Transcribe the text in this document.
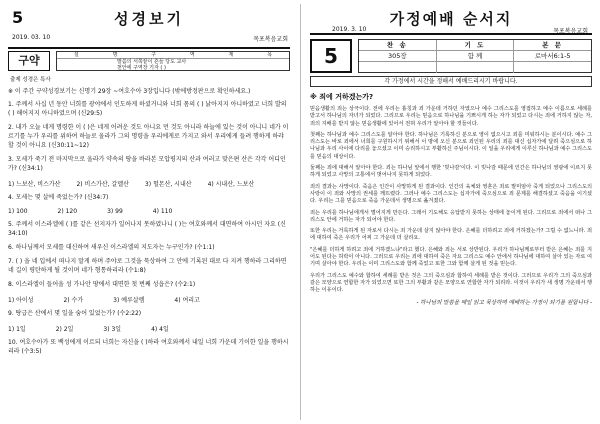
5	성경보기
2019. 03. 10	목포복음교회
구약	설	명	구	역	제	목
말씀의 서쪽끝이 흔들 당도 교사
천안에 구역장 기자 ( )
출제 성경은 특사
※ 이 주간 구약성경보기는 신명기 29장 ~여호수아 3장입니다 (밖에방정판으로 확인하세요.)
1. 주께서 사십 년 동안 너희를 광야에서 인도하게 하셨거니와 너희 몸의 ( ) 낡아지지 아니하였고 너희 발의 ( ) 해어지지 아니하였으며 (신29:5)
2. 내가 오늘 네게 명령한 이 ( )은 네게 어려운 것도 아니요 먼 것도 아니라 하늘에 있는 것이 아니니 네가 이르기를 누가 우리를 위하여 하늘로 올라가 그의 명령을 우리에게로 가지고 와서 우리에게 들려 행하게 하랴 할 것이 아니요 (신30:11~12)
3. 모세가 죽기 전 마지막으로 올라가 약속의 땅을 바라본 모압평지의 산과 여러고 맞은편 산은 각각 어디인가? (신34:1)
1) 느보산, 비스가산	2) 비스가산, 갈멜산	3) 헐몬산, 시내산	4) 시내산, 느보산
4. 모세는 몇 살에 죽었는가? (신34:7)
1) 100	2) 120	3) 99	4) 110
5. 주께서 이스라엘에 ( )를 같은 선지자가 일어나지 못하였나니 ( )는 여호와께서 대면하여 아시던 자요 (신34:10)
6. 하나님께서 모세를 대신하여 새우신 이스라엘의 지도자는 누구인가? (수1:1)
7. ( ) 을 네 입에서 떠나지 말게 하며 주야로 그것을 묵상하여 그 안에 기록된 대로 다 지켜 행하라 그리하면 네 길이 평탄하게 될 것이며 네가 형통하리라 (수1:8)
8. 이스라엘이 들어올 성 가나안 땅에서 대면한 첫 번째 성읍은? (수2:1)
1) 아이성	2) 수가	3) 예루살렘	4) 여리고
9. 탕급은 산에서 몇 일을 숨어 있었는가? (수2:22)
1) 1일	2) 2일	3) 3일	4) 4일
10. 여호수아가 또 백성에게 이르되 너희는 자신을 ( )하라 여호와께서 내일 너희 가운데 기이한 일을 행하시리라 (수3:5)
가정예배 순서지
2019. 3. 10	목포복음교회
5	찬 송	기 도	본 문
305장	함 께	로마서6:1-5
각 가정에서 시간을 정해서 예배드리시기 바랍니다.
※ 죄에 거하겠는가?
믿음생활의 죄는 상극이다. 전에 우리는 흉칭과 죄 가운데 거하던 자였으나 예수 그리스도를 영접하고 예수 이름으로 세례를 받고서 하나님의 자녀가 되었다. 그리므로 우리는 믿음으로 하나님을 기쁘시게 하는 자가 되었고 다시는 죄에 거하지 않는 자, 죄의 지배를 받지 않는 믿음생활에 있어서 전혀 우리가 알아야 할 것들이다.
첫째는 하나님과 예수 그리스도를 알아야 한다. 하나님은 기록하신 분으로 영이 없으시고 죄를 미워하시는 분이시다. 예수 그리스도는 바로 죄에서 너희를 구원하시기 위해서 이 땅에 오신 분으로 죄인된 우리의 죄를 대신 십자가에 달려 죽으심으로 하나님과 우리 사이에 다리를 놓으셨고 이미 승리하시고 부활하신 주님이시다. 이 일을 우리에게 이루신 하나님과 예수 그리스도를 믿음의 대상이다.
둘째는 죄에 대해서 알아야 한다. 죄는 하나님 앞에서 행한 '빗나감'이다. 이 빗나감 때문에 인간은 하나님의 영광에 이르지 못하게 되었고 사망의 고통에서 벗어나지 못하게 되었다.
죄의 결과는 사망이다. 죽음은 인간이 사망하게 된 결과이다. 인간의 육체와 영혼은 죄로 말미암아 죽게 되었으나 그리스도의 사랑이 이 죄와 사망의 권세를 깨뜨렸다. 그러나 예수 그리스도는 십자가에 죽으심으로 죄 문제를 해결하셨고 죽음을 이기셨다. 우리는 그를 믿음으로 죽음 가운데서 생명으로 옮겨졌다.
죄는 우리를 하나님에게서 멀어지게 만든다. 그래서 기도해도 응답받지 못하는 상태에 놓이게 된다. 그리므로 죄에서 떠나 그리스도 안에 거하는 자가 되어야 한다.
또한 우리는 거룩하게 된 자로서 다시는 죄 가운데 살지 않아야 한다. 은혜를 더하려고 죄에 거하겠는가? 그럴 수 없느니라. 죄에 대하여 죽은 우리가 어찌 그 가운데 더 살리요.
"은혜를 더하게 하려고 죄에 거하겠느냐"라고 했다. 은혜와 죄는 서로 상반된다. 우리가 하나님께로부터 받은 은혜는 죄를 지어도 된다는 허락이 아니다. 그러므로 우리는 죄에 대하여 죽은 자요 그리스도 예수 안에서 하나님에 대하여 살아 있는 자로 여기며 살아야 한다. 우리는 이미 그리스도와 함께 죽었고 또한 그와 함께 살게 된 것을 믿는다.
우리가 그리스도 예수와 합하여 세례를 받은 것은 그의 죽으심과 합하여 세례를 받은 것이다. 그러므로 우리가 그의 죽으심과 같은 모양으로 연합한 자가 되었으면 또한 그의 부활과 같은 모양으로 연합한 자가 되리라. 이것이 우리가 새 생명 가운데서 행하는 이유이다.
- 하나님의 말씀을 매일 읽고 묵상하며 예배하는 가정이 되기를 원합니다 -
